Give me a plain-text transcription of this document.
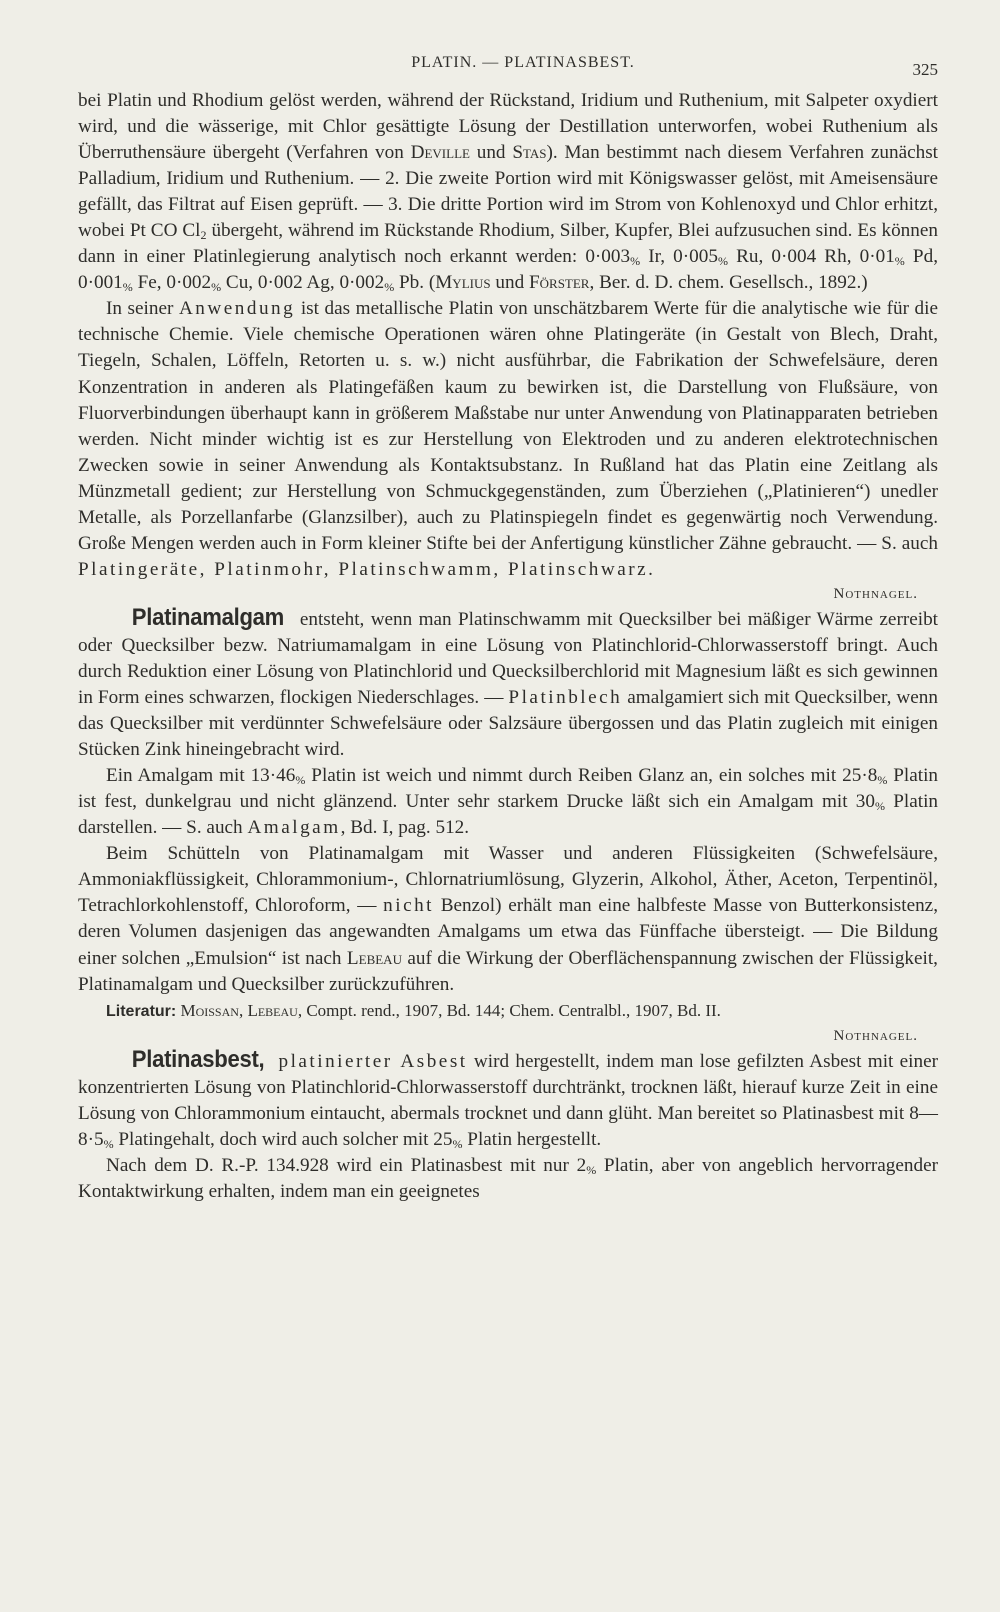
PLATIN. — PLATINASBEST.	325

bei Platin und Rhodium gelöst werden, während der Rückstand, Iridium und Ruthenium, mit Salpeter oxydiert wird, und die wässerige, mit Chlor gesättigte Lösung der Destillation unterworfen, wobei Ruthenium als Überruthensäure übergeht (Verfahren von Deville und Stas). Man bestimmt nach diesem Verfahren zunächst Palladium, Iridium und Ruthenium. — 2. Die zweite Portion wird mit Königswasser gelöst, mit Ameisensäure gefällt, das Filtrat auf Eisen geprüft. — 3. Die dritte Portion wird im Strom von Kohlenoxyd und Chlor erhitzt, wobei Pt CO $Cl_2$ übergeht, während im Rückstande Rhodium, Silber, Kupfer, Blei aufzusuchen sind. Es können dann in einer Platinlegierung analytisch noch erkannt werden: $0\cdot 003_{\%}$ Ir, $0\cdot 005_{\%}$ Ru, 0·004 Rh, $0\cdot 01_{\%}$ Pd, $0\cdot 001_{\%}$ Fe, $0\cdot 002_{\%}$ Cu, 0·002 Ag, $0\cdot 002_{\%}$ Pb. (Mylius und Förster, Ber. d. D. chem. Gesellsch., 1892.)

In seiner Anwendung ist das metallische Platin von unschätzbarem Werte für die analytische wie für die technische Chemie. Viele chemische Operationen wären ohne Platingeräte (in Gestalt von Blech, Draht, Tiegeln, Schalen, Löffeln, Retorten u. s. w.) nicht ausführbar, die Fabrikation der Schwefelsäure, deren Konzentration in anderen als Platingefäßen kaum zu bewirken ist, die Darstellung von Flußsäure, von Fluorverbindungen überhaupt kann in größerem Maßstabe nur unter Anwendung von Platinapparaten betrieben werden. Nicht minder wichtig ist es zur Herstellung von Elektroden und zu anderen elektrotechnischen Zwecken sowie in seiner Anwendung als Kontaktsubstanz. In Rußland hat das Platin eine Zeitlang als Münzmetall gedient; zur Herstellung von Schmuckgegenständen, zum Überziehen („Platinieren“) unedler Metalle, als Porzellanfarbe (Glanzsilber), auch zu Platinspiegeln findet es gegenwärtig noch Verwendung. Große Mengen werden auch in Form kleiner Stifte bei der Anfertigung künstlicher Zähne gebraucht. — S. auch Platingeräte, Platinmohr, Platinschwamm, Platinschwarz.

Nothnagel.

Platinamalgam entsteht, wenn man Platinschwamm mit Quecksilber bei mäßiger Wärme zerreibt oder Quecksilber bezw. Natriumamalgam in eine Lösung von Platinchlorid-Chlorwasserstoff bringt. Auch durch Reduktion einer Lösung von Platinchlorid und Quecksilberchlorid mit Magnesium läßt es sich gewinnen in Form eines schwarzen, flockigen Niederschlages. — Platinblech amalgamiert sich mit Quecksilber, wenn das Quecksilber mit verdünnter Schwefelsäure oder Salzsäure übergossen und das Platin zugleich mit einigen Stücken Zink hineingebracht wird.

Ein Amalgam mit $13\cdot 46_{\%}$ Platin ist weich und nimmt durch Reiben Glanz an, ein solches mit $25\cdot 8_{\%}$ Platin ist fest, dunkelgrau und nicht glänzend. Unter sehr starkem Drucke läßt sich ein Amalgam mit $30_{\%}$ Platin darstellen. — S. auch Amalgam, Bd. I, pag. 512.

Beim Schütteln von Platinamalgam mit Wasser und anderen Flüssigkeiten (Schwefelsäure, Ammoniakflüssigkeit, Chlorammonium-, Chlornatriumlösung, Glyzerin, Alkohol, Äther, Aceton, Terpentinöl, Tetrachlorkohlenstoff, Chloroform, — nicht Benzol) erhält man eine halbfeste Masse von Butterkonsistenz, deren Volumen dasjenigen das angewandten Amalgams um etwa das Fünffache übersteigt. — Die Bildung einer solchen „Emulsion“ ist nach Lebeau auf die Wirkung der Oberflächenspannung zwischen der Flüssigkeit, Platinamalgam und Quecksilber zurückzuführen.

Literatur: Moissan, Lebeau, Compt. rend., 1907, Bd. 144; Chem. Centralbl., 1907, Bd. II.

Nothnagel.

Platinasbest, platinierter Asbest wird hergestellt, indem man lose gefilzten Asbest mit einer konzentrierten Lösung von Platinchlorid-Chlorwasserstoff durchtränkt, trocknen läßt, hierauf kurze Zeit in eine Lösung von Chlorammonium eintaucht, abermals trocknet und dann glüht. Man bereitet so Platinasbest mit $8—8\cdot 5_{\%}$ Platingehalt, doch wird auch solcher mit $25_{\%}$ Platin hergestellt.

Nach dem D. R.-P. 134.928 wird ein Platinasbest mit nur $2_{\%}$ Platin, aber von angeblich hervorragender Kontaktwirkung erhalten, indem man ein geeignetes
